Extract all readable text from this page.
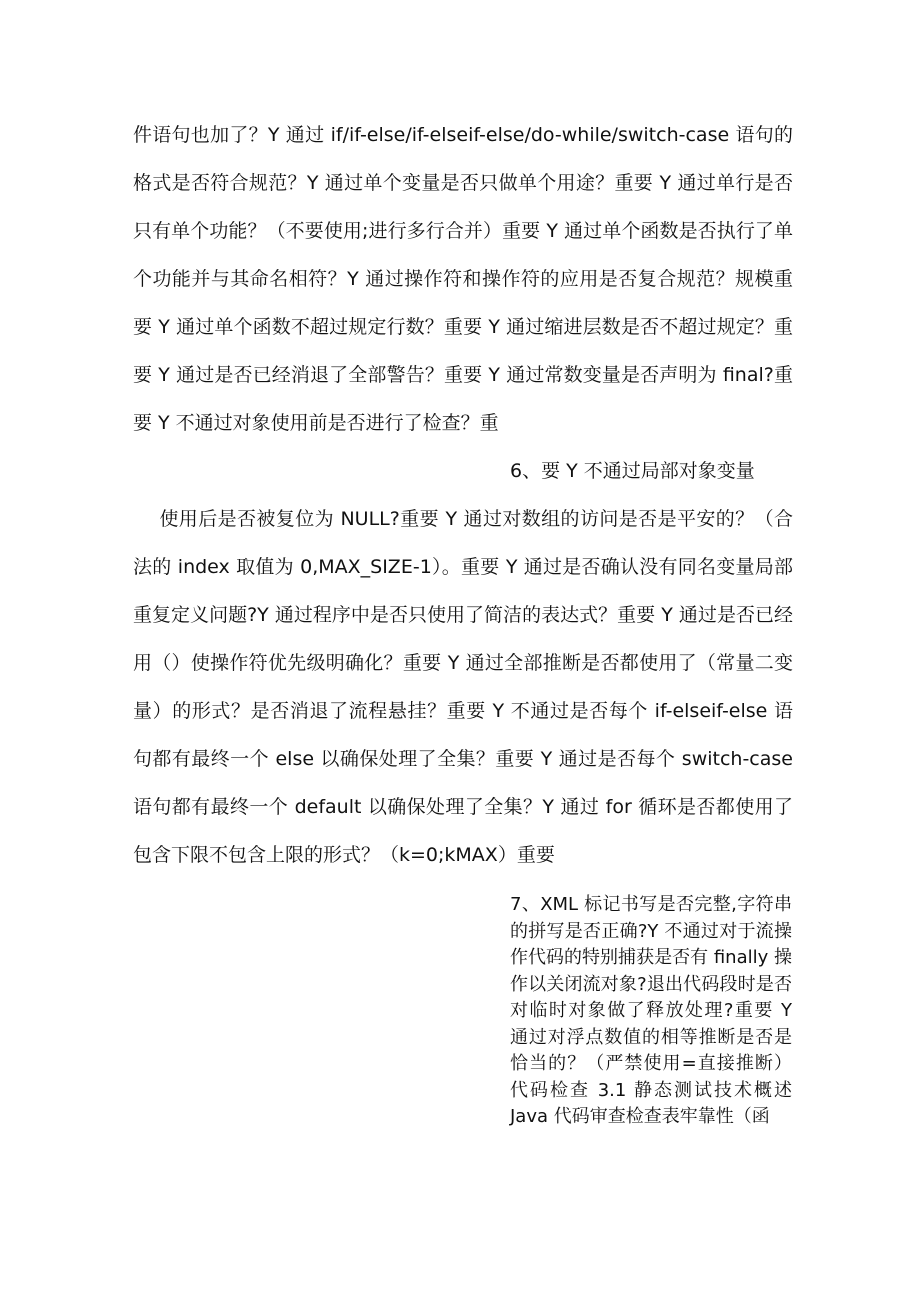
件语句也加了？Y 通过 if/if-else/if-elseif-else/do-while/switch-case 语句的格式是否符合规范？Y 通过单个变量是否只做单个用途？重要 Y 通过单行是否只有单个功能？（不要使用;进行多行合并）重要 Y 通过单个函数是否执行了单个功能并与其命名相符？Y 通过操作符和操作符的应用是否复合规范？规模重要 Y 通过单个函数不超过规定行数？重要 Y 通过缩进层数是否不超过规定？重要 Y 通过是否已经消退了全部警告？重要 Y 通过常数变量是否声明为 final?重要 Y 不通过对象使用前是否进行了检查？重

6、要 Y 不通过局部对象变量

使用后是否被复位为 NULL?重要 Y 通过对数组的访问是否是平安的？（合法的 index 取值为 0,MAX_SIZE-1）。重要 Y 通过是否确认没有同名变量局部重复定义问题?Y 通过程序中是否只使用了简洁的表达式？重要 Y 通过是否已经用（）使操作符优先级明确化？重要 Y 通过全部推断是否都使用了（常量二变量）的形式？是否消退了流程悬挂？重要 Y 不通过是否每个 if-elseif-else 语句都有最终一个 else 以确保处理了全集？重要 Y 通过是否每个 switch-case 语句都有最终一个 default 以确保处理了全集？Y 通过 for 循环是否都使用了包含下限不包含上限的形式？（k=0;kMAX）重要

7、XML 标记书写是否完整,字符串的拼写是否正确?Y 不通过对于流操作代码的特别捕获是否有 finally 操作以关闭流对象?退出代码段时是否对临时对象做了释放处理?重要 Y 通过对浮点数值的相等推断是否是恰当的？（严禁使用=直接推断）代码检查 3.1 静态测试技术概述 Java 代码审查检查表牢靠性（函
